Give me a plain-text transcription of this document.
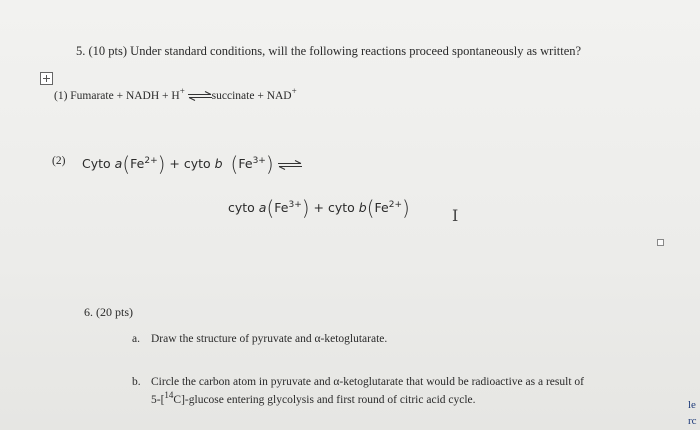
5. (10 pts) Under standard conditions, will the following reactions proceed spontaneously as written?
(1) Fumarate + NADH + H+ ⇌succinate + NAD+
(2) Cyto $a(Fe^{2+})$ + cyto b $(Fe^{3+})$ ⇌
cyto $a(Fe^{3+})$ + cyto $b(Fe^{2+})$	I
6. (20 pts)
a. Draw the structure of pyruvate and α-ketoglutarate.
b. Circle the carbon atom in pyruvate and α-ketoglutarate that would be radioactive as a result of
5-[$^{14}$C]-glucose entering glycolysis and first round of citric acid cycle.	le
rc
